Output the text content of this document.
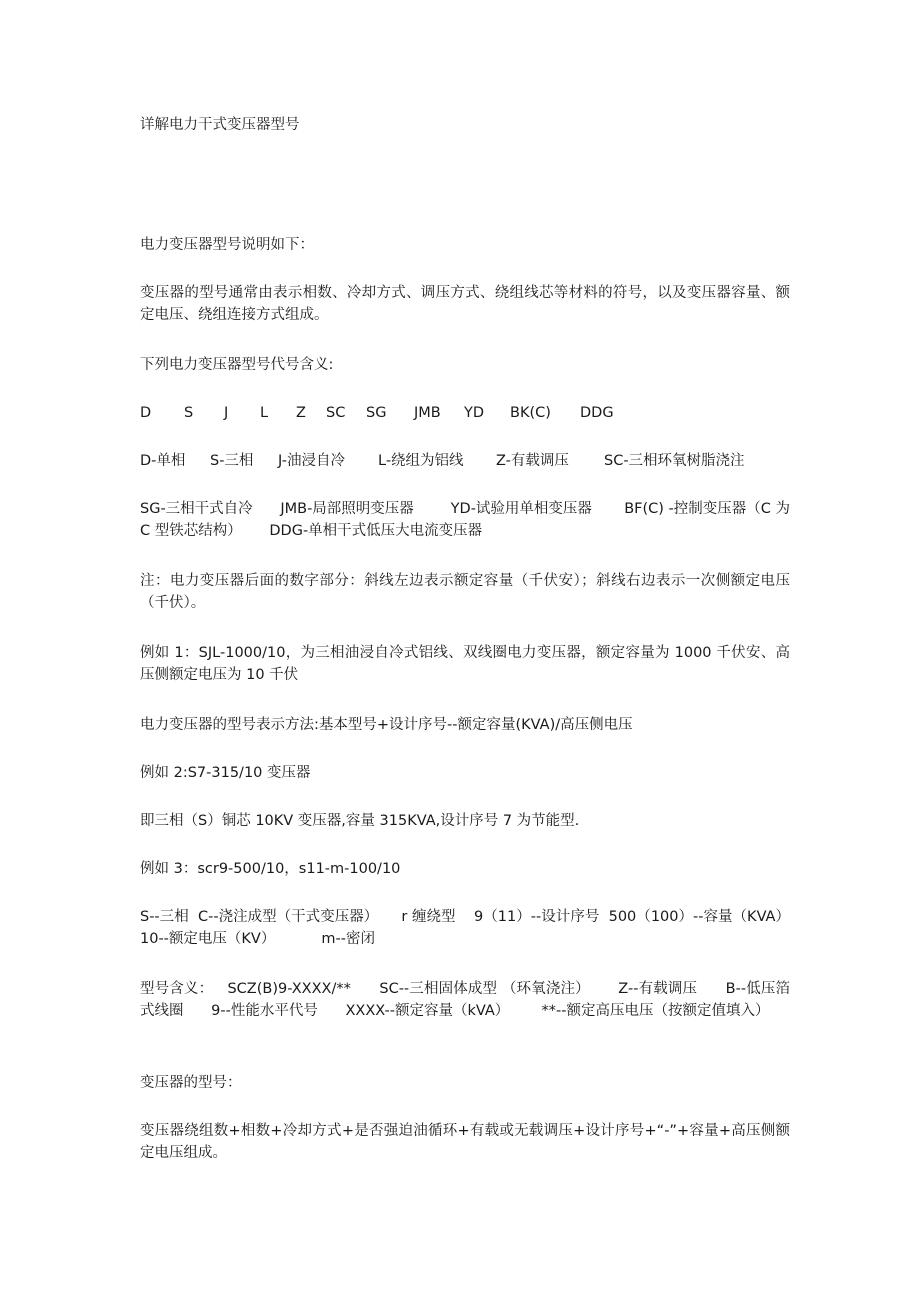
详解电力干式变压器型号

电力变压器型号说明如下：

变压器的型号通常由表示相数、冷却方式、调压方式、绕组线芯等材料的符号，以及变压器容量、额定电压、绕组连接方式组成。

下列电力变压器型号代号含义:

D S J L Z SC SG JMB YD BK(C) DDG

D-单相 S-三相 J-油浸自冷 L-绕组为铝线 Z-有载调压 SC-三相环氧树脂浇注

SG-三相干式自冷      JMB-局部照明变压器        YD-试验用单相变压器       BF(C) -控制变压器（C 为 C 型铁芯结构）      DDG-单相干式低压大电流变压器

注：电力变压器后面的数字部分：斜线左边表示额定容量（千伏安）；斜线右边表示一次侧额定电压（千伏）。

例如 1：SJL-1000/10，为三相油浸自冷式铝线、双线圈电力变压器，额定容量为 1000 千伏安、高压侧额定电压为 10 千伏

电力变压器的型号表示方法:基本型号+设计序号--额定容量(KVA)/高压侧电压

例如 2:S7-315/10 变压器

即三相（S）铜芯 10KV 变压器,容量 315KVA,设计序号 7 为节能型.

例如 3：scr9-500/10，s11-m-100/10

S--三相  C--浇注成型（干式变压器）     r 缠绕型    9（11）--设计序号  500（100）--容量（KVA）        10--额定电压（KV）          m--密闭

型号含义：   SCZ(B)9-XXXX/**      SC--三相固体成型 （环氧浇注）      Z--有载调压      B--低压箔式线圈      9--性能水平代号      XXXX--额定容量（kVA）       **--额定高压电压（按额定值填入）

变压器的型号：

变压器绕组数+相数+冷却方式+是否强迫油循环+有载或无载调压+设计序号+“-”+容量+高压侧额定电压组成。
